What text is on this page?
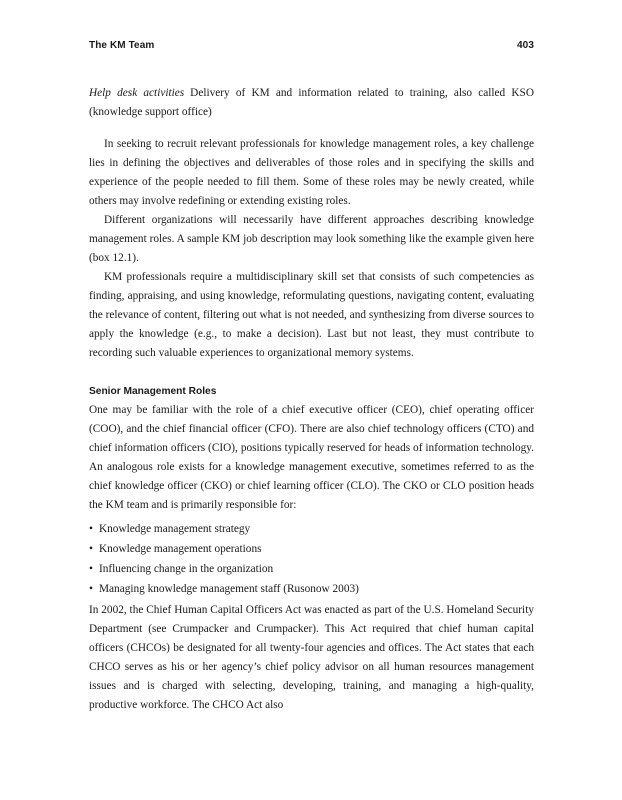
The KM Team	403

Help desk activities Delivery of KM and information related to training, also called KSO (knowledge support office)

In seeking to recruit relevant professionals for knowledge management roles, a key challenge lies in defining the objectives and deliverables of those roles and in specifying the skills and experience of the people needed to fill them. Some of these roles may be newly created, while others may involve redefining or extending existing roles.

Different organizations will necessarily have different approaches describing knowledge management roles. A sample KM job description may look something like the example given here (box 12.1).

KM professionals require a multidisciplinary skill set that consists of such competencies as finding, appraising, and using knowledge, reformulating questions, navigating content, evaluating the relevance of content, filtering out what is not needed, and synthesizing from diverse sources to apply the knowledge (e.g., to make a decision). Last but not least, they must contribute to recording such valuable experiences to organizational memory systems.

Senior Management Roles

One may be familiar with the role of a chief executive officer (CEO), chief operating officer (COO), and the chief financial officer (CFO). There are also chief technology officers (CTO) and chief information officers (CIO), positions typically reserved for heads of information technology. An analogous role exists for a knowledge management executive, sometimes referred to as the chief knowledge officer (CKO) or chief learning officer (CLO). The CKO or CLO position heads the KM team and is primarily responsible for:

• Knowledge management strategy
• Knowledge management operations
• Influencing change in the organization
• Managing knowledge management staff (Rusonow 2003)

In 2002, the Chief Human Capital Officers Act was enacted as part of the U.S. Homeland Security Department (see Crumpacker and Crumpacker). This Act required that chief human capital officers (CHCOs) be designated for all twenty-four agencies and offices. The Act states that each CHCO serves as his or her agency’s chief policy advisor on all human resources management issues and is charged with selecting, developing, training, and managing a high-quality, productive workforce. The CHCO Act also
